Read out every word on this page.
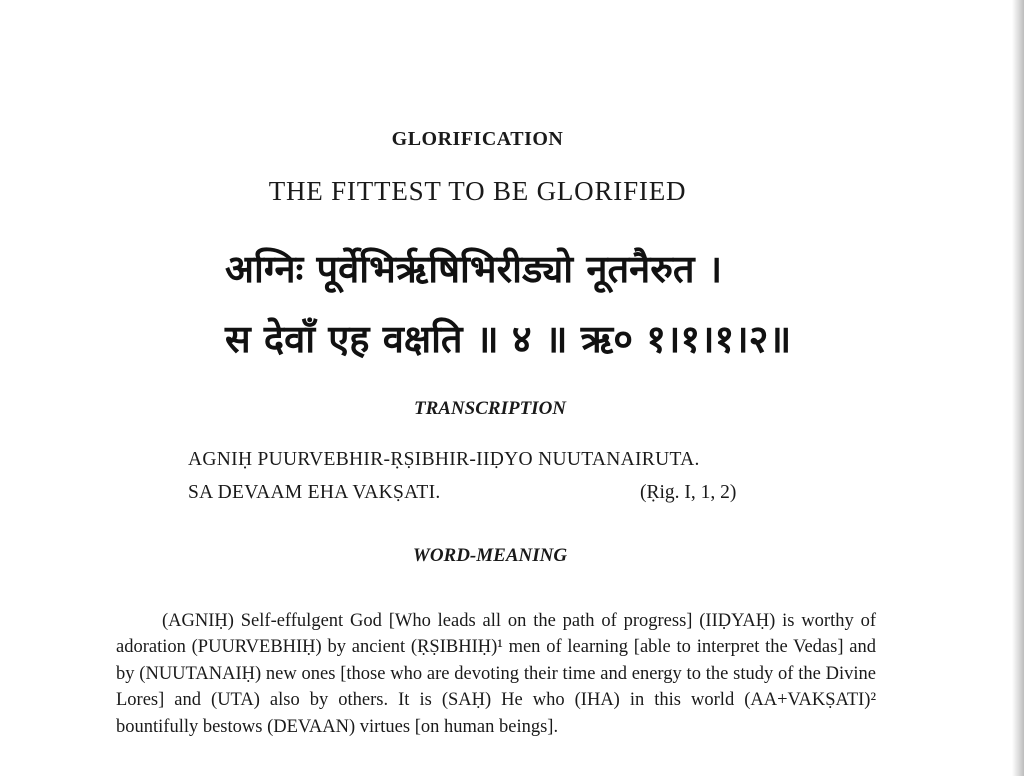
GLORIFICATION
THE FITTEST TO BE GLORIFIED
अग्निः पूर्वेभिर्ऋषिभिरीड्यो नूतनैरुत ।
स देवाँ एह वक्षति ॥ ४ ॥ ऋ० १।१।१।२॥
TRANSCRIPTION
AGNIḤ PUURVEBHIR-ṚṢIBHIR-IIḌYO NUUTANAIRUTA.
SA DEVAAM EHA VAKṢATI.	(Ṛig. I, 1, 2)
WORD-MEANING

(AGNIḤ) Self-effulgent God [Who leads all on the path of progress] (IIḌYAḤ) is worthy of adoration (PUURVEBHIḤ) by ancient (ṚṢIBHIḤ)¹ men of learning [able to interpret the Vedas] and by (NUUTANAIḤ) new ones [those who are devoting their time and energy to the study of the Divine Lores] and (UTA) also by others. It is (SAḤ) He who (IHA) in this world (AA+VAKṢATI)² bountifully bestows (DEVAAN) virtues [on human beings].
